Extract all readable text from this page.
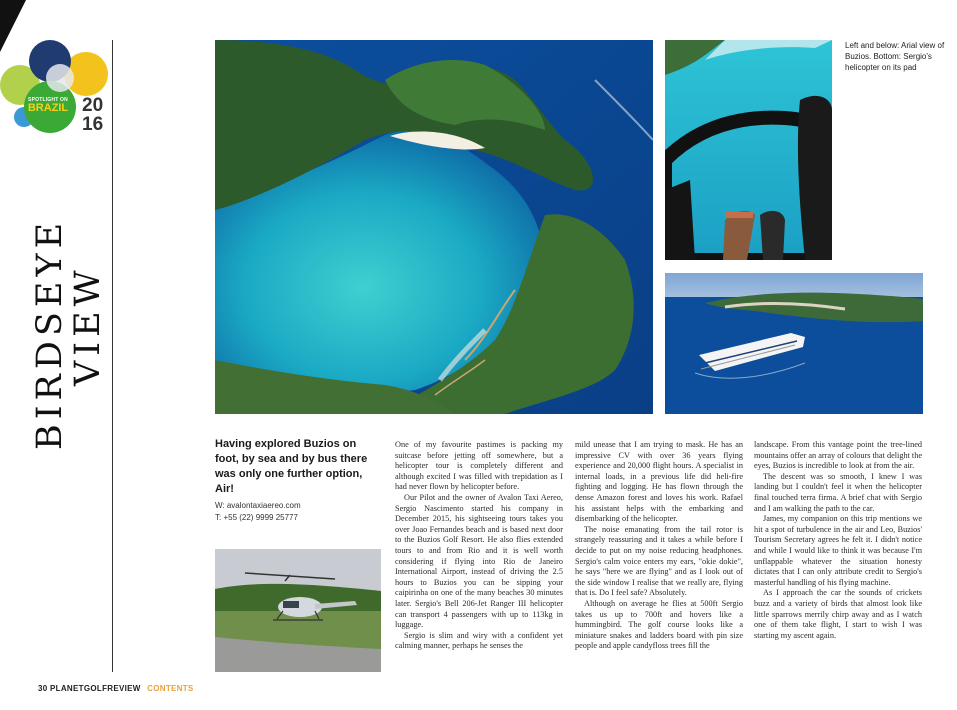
SPOTLIGHT ON
BRAZIL 20
16
BIRDSEYE
VIEW
Left and below: Arial view of Buzios. Bottom: Sergio's helicopter on its pad
Having explored Buzios on foot, by sea and by bus there was only one further option, Air!
W: avalontaxiaereo.com
T: +55 (22) 9999 25777

One of my favourite pastimes is packing my suitcase before jetting off somewhere, but a helicopter tour is completely different and although excited I was filled with trepidation as I had never flown by helicopter before.

Our Pilot and the owner of Avalon Taxi Aereo, Sergio Nascimento started his company in December 2015, his sightseeing tours takes you over Joao Fernandes beach and is based next door to the Buzios Golf Resort. He also flies extended tours to and from Rio and it is well worth considering if flying into Rio de Janeiro International Airport, instead of driving the 2.5 hours to Buzios you can be sipping your caipirinha on one of the many beaches 30 minutes later. Sergio's Bell 206-Jet Ranger III helicopter can transport 4 passengers with up to 113kg in luggage.

Sergio is slim and wiry with a confident yet calming manner, perhaps he senses the

mild unease that I am trying to mask. He has an impressive CV with over 36 years flying experience and 20,000 flight hours. A specialist in internal loads, in a previous life did heli-fire fighting and logging. He has flown through the dense Amazon forest and loves his work. Rafael his assistant helps with the embarking and disembarking of the helicopter.

The noise emanating from the tail rotor is strangely reassuring and it takes a while before I decide to put on my noise reducing headphones. Sergio's calm voice enters my ears, "okie dokie", he says "here we are flying" and as I look out of the side window I realise that we really are, flying that is. Do I feel safe? Absolutely.

Although on average he flies at 500ft Sergio takes us up to 700ft and hovers like a hummingbird. The golf course looks like a miniature snakes and ladders board with pin size people and apple candyfloss trees fill the

landscape. From this vantage point the tree-lined mountains offer an array of colours that delight the eyes, Buzios is incredible to look at from the air.

The descent was so smooth, I knew I was landing but I couldn't feel it when the helicopter final touched terra firma. A brief chat with Sergio and I am walking the path to the car.

James, my companion on this trip mentions we hit a spot of turbulence in the air and Leo, Buzios' Tourism Secretary agrees he felt it. I didn't notice and while I would like to think it was because I'm unflappable whatever the situation honesty dictates that I can only attribute credit to Sergio's masterful handling of his flying machine.

As I approach the car the sounds of crickets buzz and a variety of birds that almost look like little sparrows merrily chirp away and as I watch one of them take flight, I start to wish I was starting my ascent again.

30 PLANETGOLFREVIEW CONTENTS
